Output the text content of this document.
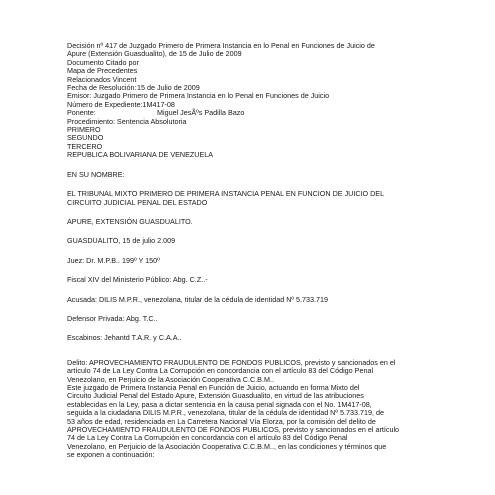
Decisión nº 417 de Juzgado Primero de Primera Instancia en lo Penal en Funciones de Juicio de
Apure (Extensión Guasdualito), de 15 de Julio de 2009
Documento Citado por
Mapa de Precedentes
Relacionados Vincent
Fecha de Resolución: 15 de Julio de 2009
Emisor: Juzgado Primero de Primera Instancia en lo Penal en Funciones de Juicio
Número de Expediente:1M417-08
Ponente:	Miguel JesÃºs Padilla Bazo
Procedimiento: Sentencia Absolutoria
PRIMERO
SEGUNDO
TERCERO
REPUBLICA BOLIVARIANA DE VENEZUELA
EN SU NOMBRE:
EL TRIBUNAL MIXTO PRIMERO DE PRIMERA INSTANCIA PENAL EN FUNCION DE JUICIO DEL
CIRCUITO JUDICIAL PENAL DEL ESTADO
APURE, EXTENSIÓN GUASDUALITO.
GUASDUALITO, 15 de julio 2.009
Juez: Dr. M.P.B.. 199º Y 150º
Fiscal XIV del Ministerio Público: Abg. C.Z..-
Acusada: DILIS M.P.R., venezolana, titular de la cédula de identidad Nº 5.733.719
Defensor Privada: Abg. T.C..
Escabinos: Jehantd T.A.R. y C.A.A..
Delito: APROVECHAMIENTO FRAUDULENTO DE FONDOS PUBLICOS, previsto y sancionados en el
artículo 74 de La Ley Contra La Corrupción en concordancia con el artículo 83 del Código Penal
Venezolano, en Perjuicio de la Asociación Cooperativa C.C.B.M..
Este juzgado de Primera Instancia Penal en Función de Juicio, actuando en forma Mixto del
Circuito Judicial Penal del Estado Apure, Extensión Guasdualito, en virtud de las atribuciones
establecidas en la Ley, pasa a dictar sentencia en la causa penal signada con el No. 1M417-08,
seguida a la ciudadana DILIS M.P.R., venezolana, titular de la cédula de identidad Nº 5.733.719, de
53 años de edad, residenciada en La Carretera Nacional Vía Elorza, por la comisión del delito de
APROVECHAMIENTO FRAUDULENTO DE FONDOS PUBLICOS, previsto y sancionados en el artículo
74 de La Ley Contra La Corrupción en concordancia con el artículo 83 del Código Penal
Venezolano, en Perjuicio de la Asociación Cooperativa C.C.B.M.., en las condiciones y términos que
se exponen a continuación:
